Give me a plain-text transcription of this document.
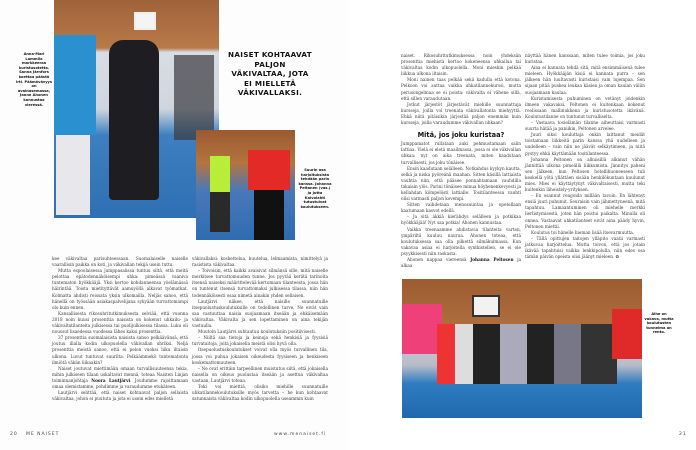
Anna-Mari Lommila markkeeraa kuristusotetta. Sanna Järnfors koettaa päästä irti. Päämävävyys on avainasemassa, Janne Ahonen kannustaa vieressä.
NAISET KOHTAAVAT PALJON VÄKIVALTAA, JOTA EI MIELLETÄ VÄKIVALLAKSI.
Suurin osa harjoituksista tehdään parin kanssa. Johanna Peltonen (vas.) ja Jutta Kaivolahti tutustuivat koulutukseen.

kee väkivaltaa parisuhteessaan. Suomalaiselle naiselle vaarallisin paikka on koti, ja väkivallan tekijä usein tuttu.

Mutta espoolaisessa jumppasalissa tuntuu siltä, että meitä pelottaa epätodennäköisempi uhka: pimeässä vaaniva tuntematon hyökkääjä. Yksi kertoo kohdanneensa yöelämässä häirintää. Toista mietityttävät aamuyöllä alkavat työmatkat. Kolmatta ahdisti reissata yksin ulkomailla. Neljäs sanoo, että hänellä on työssään asiakaspalvelijana sykyään turvattomampi olo kuin ennen.

Kansallisesta rikosuhritutkimuksesta selviää, että vuonna 2018 noin kuusi prosenttia naisista on kokenut uhkailu- ja väkivaltatilanteita julkisessa tai puolijulkisessa tilassa. Luku oli noussut lisaedessa vuodessa lähes kaksi prosenttia.

37 prosenttia suomalaisista naisista sanoo pelkäävänsä, että joutuu illalla kodin ulkopuolella väkivallan uhriksi. Neljä prosenttia meistä sanoo, että ei pelon vuoksi liiku iltaisin ulkona. Luvut tuntuvat suurilta. Pelkäämmekö tuntematonta ilmiötä väkän liikaakin?

Naiset joutuvat miettimään omaan turvallisuuteensa tekia, mihin julkiseen tilaan uskaltavat mennä, toteaa Naisten Linjan toiminnanjohtaja Noora Lautjärvi. Joudumme rajoittamaan omaa olemistamme, pohdimme ja varaudumme etukäteen.

Lautjärvi selittää, että naiset kohtaavat paljon sellaista väkivaltaa, johon ei puututa ja jota ei usein edes mielletä

väkivallaksi: koskettelua, huutelua, lelmaamista, nimittelyä ja rasistista väkivaltaa.

– Toivoisin, että kaikki avaisivat silmänsä sille, mitä naiselle merkitsee turvattomuuden tunne. Jos pyytää kerätä tarinoita itsensä naiseksi määrittelevää kertomaan tilanteesta, jossa hän on tuntenut itsensä turvattomaksi julkisessa tilassa, niin hän todennäköisesti osaa nimetä ainakin yhden sellaisen.

Lautjärvi näkee, että naisille suunnatuille itsepuolustuskoulutuksille on todellinen tarve. Ne eivät vain saa vastuuttaa naisia suojaamaan itseään ja ehkäisemään väkivaltaa. Väkivalta ja sen lopettaminen on aina tekijän vastuulla.

Muutoin Lautjärvi suhtautuu koulutuksiin positiivisesti.

– Niiltä saa tietoja ja keinoja sekä henkisiä ja fyysisiä turvataitoja, joita jokaisella meistä olisi hyvä olla.

Itsepuolustuskoulutukset voivat olla myös turvallinen tila, jossa voi puhua jokaisen oikeudesta fyysiseen ja henkiseen koskemattomuuteen.

– Ne ovat erittäin tarpeellinen muistutus siitä, että jokaisella naisella on oikeus puolustaa itseään ja asettua väkivaltaa vastaan, Lautjärvi toteaa.

Toki voi miettiä, olisiko miehille suunnatuille uhkatilannekoulutuksille myös tarvetta – he kun kohtaavat satunnaista väkivaltaa kodin ulkopuolella useammin kuin

20 ME NAISET	www.menaiset.fi

naiset. Rikosuhritutkimuksessa noin yhdeksän prosenttia miehistä kertoo kokeneensa uhkailua tai väkivaltaa kodin ulkopuolella. Moni mieskin pelkää liikkua ulkona iltaisin.

Moni nainen taas pelkää sekä kadulla että kotona. Pelkoon voi auttaa vaikka uhkatilannekurssi, mutta perusongelmaa se ei poista: väkivalta ei vähene sillä, että sillen varaudutaan.

Jotkut järjestöt järjestävät miehille suunnattuja kursseja, joilla voi treenata väkivallatonta miehyyttä. Ehkä niitä pitäisikin järjestää paljon enemmän kuin kursseja, joilla varaudumme väkivallan uhkaan?

Mitä, jos joku kuristaa?

Jumppamatot rullataan auki pehmustamaan salin lattiaa. Vielä ei eletä maailmassa, jossa ei ole väkivallan uhkaa: nyt on aika treenata, miten kaadutaan turvallisesti, jos joku tönäisee.

Ensin kaadutaan selälleen. Notkahdus kyykyn kautta, selkä ja niska pyöreänä maahan. Sitten käsillä lattiaista vauhtia niin, että pääsee ponnahtamaan vauhdilla takaisin ylös. Parini tönäisee minua höyhenenkevyesti ja kellahdan kömpelösti lattialle. Tositilanteessa vauhti olisi varmasti paljon kovempi.

Sitten vaihdetaan menosuuntaa ja opetellaan kaatumaan kasvot edellä.

– Ja sitä äkkiä kierähdys selälleen ja potkikaa hyökkääjää! Nyt saa potkia! Ahonen kannustaa.

Vaikka treenaamme ahdistavia tilanteita varten, ympäriltä kuuluu naurua. Ahonen toteaa, että koulutuksessa saa olla pilkettä silmäkulmassa. Kun vakavaa asiaa ei harjoitella syntkistellen, se ei ole psyykkisesti niin raskasta.

Ahonen nappaa viereensä Johanna Peltosen ja alkaa

näyttää hänen kanssaan, miten tulee toimia, jos joku kuristaa.

Aina ei kannata tehdä sitä, mitä ensimmäisenä tulee mieleen. Hyökkääjän kisiä ei kannata purra – sen jälkeen hän luultavasti kuristaisi vain lujempaa. Sen sijaan pitää puskea leukaa käsien ja oman kaulan väliin suojaamaan kaulaa.

Kuristamisesta puhuminen on vetänyt joidenkin ilmeen vakavaksi. Peltonen ei kuitenkaan kokenut roolissaan mallinukkena ja kuristusotetta ikävänä. Koulutustilanne on tuntunut turvalliselta.

– Vastaava tosielämän tilanne aiheuttaisi varmasti suurta hätää ja paniikin, Peltonen arvelee.

Juuri siksi kouluttaja onkin laittanut meidät toistamaan liikkeitä parin kanssa yhä uudelleen ja uudelleen – vain niin ne jäävät selkäytimeen, ja niitä pystyy ehkä käyttämään tositilanteessa.

Johanna Peltonen on alkuisillä alkanut vähän jännittää ulkona pimeällä liikkumista. Jännitys paheni sen jälkeen, kun Peltosen hotellihuoneeseen tuli keskellä yötä yllättäen sisään henkilökuntaan kuulunut mies. Mies ei käyttäytynyt väkivaltaisesti, mutta teki kuitenkin läheistely-yrityksen.

– En osannut reagoida millään tavoin. En lähtenyt ensiä juuri puhunut. Seuraisin vain jähmettyneenä, mitä tapahtuu. Lamaantuminen oli miehelle merkki lierlistymisestä, joten hän poistui paikalta. Minulla oli onnea. Vastaavat uhkatilanteet eivät aina päädy hyvin, Peltonen miettii.

Koulutus toi hänelle hieman lisää itsevarmuutta.

– Tällä opittujen taitojen ylläpito vaatii varmasti jatkuvaa harjoittelua. Mutta toivon, että jos jotain ikävää tapahtuisi vaikka lenkkipolulla, niin edes osa tämän päivän opeista olisi jäänyt mieleen. ❂

Aihe on vakava, mutta koulutusten tunnelma on rento.
21
